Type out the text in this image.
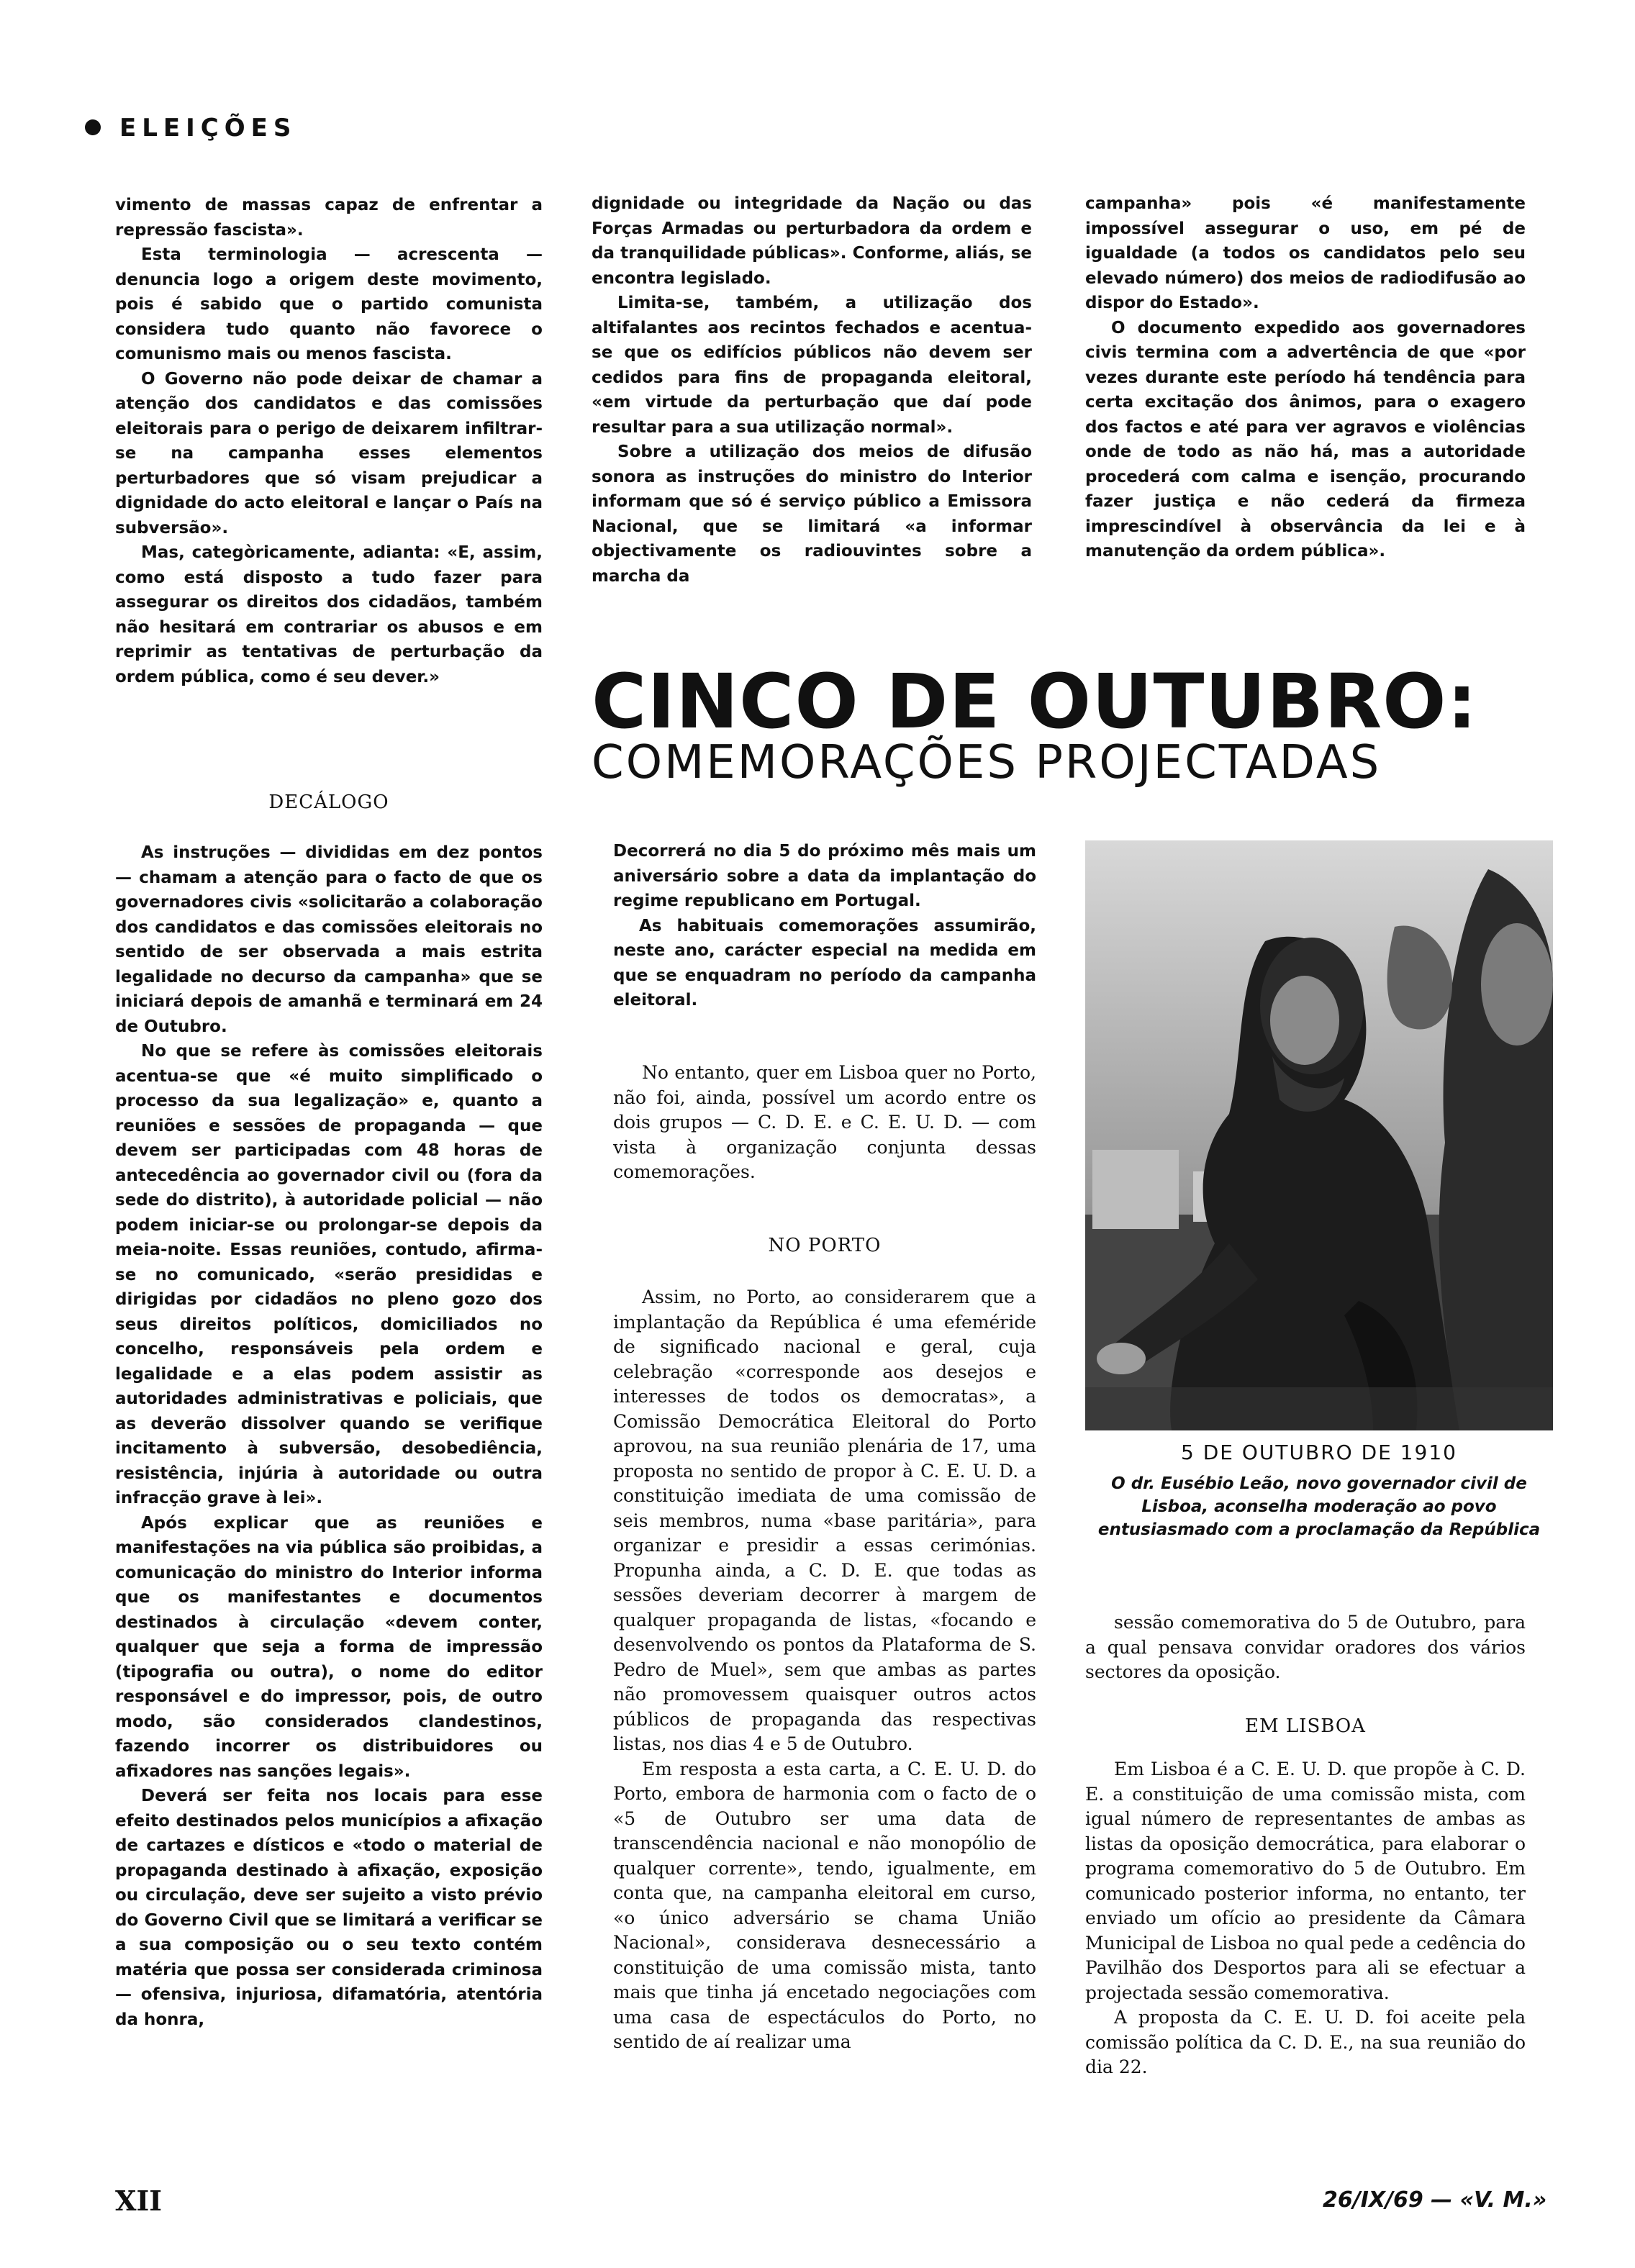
ELEIÇÕES

vimento de massas capaz de enfrentar a repressão fascista».

Esta terminologia — acrescenta — denuncia logo a origem deste movimento, pois é sabido que o partido comunista considera tudo quanto não favorece o comunismo mais ou menos fascista.

O Governo não pode deixar de chamar a atenção dos candidatos e das comissões eleitorais para o perigo de deixarem infiltrar-se na campanha esses elementos perturbadores que só visam prejudicar a dignidade do acto eleitoral e lançar o País na subversão».

Mas, categòricamente, adianta: «E, assim, como está disposto a tudo fazer para assegurar os direitos dos cidadãos, também não hesitará em contrariar os abusos e em reprimir as tentativas de perturbação da ordem pública, como é seu dever.»

DECÁLOGO

As instruções — divididas em dez pontos — chamam a atenção para o facto de que os governadores civis «solicitarão a colaboração dos candidatos e das comissões eleitorais no sentido de ser observada a mais estrita legalidade no decurso da campanha» que se iniciará depois de amanhã e terminará em 24 de Outubro.

No que se refere às comissões eleitorais acentua-se que «é muito simplificado o processo da sua legalização» e, quanto a reuniões e sessões de propaganda — que devem ser participadas com 48 horas de antecedência ao governador civil ou (fora da sede do distrito), à autoridade policial — não podem iniciar-se ou prolongar-se depois da meia-noite. Essas reuniões, contudo, afirma-se no comunicado, «serão presididas e dirigidas por cidadãos no pleno gozo dos seus direitos políticos, domiciliados no concelho, responsáveis pela ordem e legalidade e a elas podem assistir as autoridades administrativas e policiais, que as deverão dissolver quando se verifique incitamento à subversão, desobediência, resistência, injúria à autoridade ou outra infracção grave à lei».

Após explicar que as reuniões e manifestações na via pública são proibidas, a comunicação do ministro do Interior informa que os manifestantes e documentos destinados à circulação «devem conter, qualquer que seja a forma de impressão (tipografia ou outra), o nome do editor responsável e do impressor, pois, de outro modo, são considerados clandestinos, fazendo incorrer os distribuidores ou afixadores nas sanções legais».

Deverá ser feita nos locais para esse efeito destinados pelos municípios a afixação de cartazes e dísticos e «todo o material de propaganda destinado à afixação, exposição ou circulação, deve ser sujeito a visto prévio do Governo Civil que se limitará a verificar se a sua composição ou o seu texto contém matéria que possa ser considerada criminosa — ofensiva, injuriosa, difamatória, atentória da honra,

dignidade ou integridade da Nação ou das Forças Armadas ou perturbadora da ordem e da tranquilidade públicas». Conforme, aliás, se encontra legislado.

Limita-se, também, a utilização dos altifalantes aos recintos fechados e acentua-se que os edifícios públicos não devem ser cedidos para fins de propaganda eleitoral, «em virtude da perturbação que daí pode resultar para a sua utilização normal».

Sobre a utilização dos meios de difusão sonora as instruções do ministro do Interior informam que só é serviço público a Emissora Nacional, que se limitará «a informar objectivamente os radiouvintes sobre a marcha da

campanha» pois «é manifestamente impossível assegurar o uso, em pé de igualdade (a todos os candidatos pelo seu elevado número) dos meios de radiodifusão ao dispor do Estado».

O documento expedido aos governadores civis termina com a advertência de que «por vezes durante este período há tendência para certa excitação dos ânimos, para o exagero dos factos e até para ver agravos e violências onde de todo as não há, mas a autoridade procederá com calma e isenção, procurando fazer justiça e não cederá da firmeza imprescindível à observância da lei e à manutenção da ordem pública».

CINCO DE OUTUBRO:
COMEMORAÇÕES PROJECTADAS

Decorrerá no dia 5 do próximo mês mais um aniversário sobre a data da implantação do regime republicano em Portugal.

As habituais comemorações assumirão, neste ano, carácter especial na medida em que se enquadram no período da campanha eleitoral.

No entanto, quer em Lisboa quer no Porto, não foi, ainda, possível um acordo entre os dois grupos — C. D. E. e C. E. U. D. — com vista à organização conjunta dessas comemorações.

NO PORTO

Assim, no Porto, ao considerarem que a implantação da República é uma efeméride de significado nacional e geral, cuja celebração «corresponde aos desejos e interesses de todos os democratas», a Comissão Democrática Eleitoral do Porto aprovou, na sua reunião plenária de 17, uma proposta no sentido de propor à C. E. U. D. a constituição imediata de uma comissão de seis membros, numa «base paritária», para organizar e presidir a essas cerimónias. Propunha ainda, a C. D. E. que todas as sessões deveriam decorrer à margem de qualquer propaganda de listas, «focando e desenvolvendo os pontos da Plataforma de S. Pedro de Muel», sem que ambas as partes não promovessem quaisquer outros actos públicos de propaganda das respectivas listas, nos dias 4 e 5 de Outubro.

Em resposta a esta carta, a C. E. U. D. do Porto, embora de harmonia com o facto de o «5 de Outubro ser uma data de transcendência nacional e não monopólio de qualquer corrente», tendo, igualmente, em conta que, na campanha eleitoral em curso, «o único adversário se chama União Nacional», considerava desnecessário a constituição de uma comissão mista, tanto mais que tinha já encetado negociações com uma casa de espectáculos do Porto, no sentido de aí realizar uma

5 DE OUTUBRO DE 1910
O dr. Eusébio Leão, novo governador civil de Lisboa, aconselha moderação ao povo entusiasmado com a proclamação da República

sessão comemorativa do 5 de Outubro, para a qual pensava convidar oradores dos vários sectores da oposição.

EM LISBOA

Em Lisboa é a C. E. U. D. que propõe à C. D. E. a constituição de uma comissão mista, com igual número de representantes de ambas as listas da oposição democrática, para elaborar o programa comemorativo do 5 de Outubro. Em comunicado posterior informa, no entanto, ter enviado um ofício ao presidente da Câmara Municipal de Lisboa no qual pede a cedência do Pavilhão dos Desportos para ali se efectuar a projectada sessão comemorativa.

A proposta da C. E. U. D. foi aceite pela comissão política da C. D. E., na sua reunião do dia 22.

XII	26/IX/69 — «V. M.»
